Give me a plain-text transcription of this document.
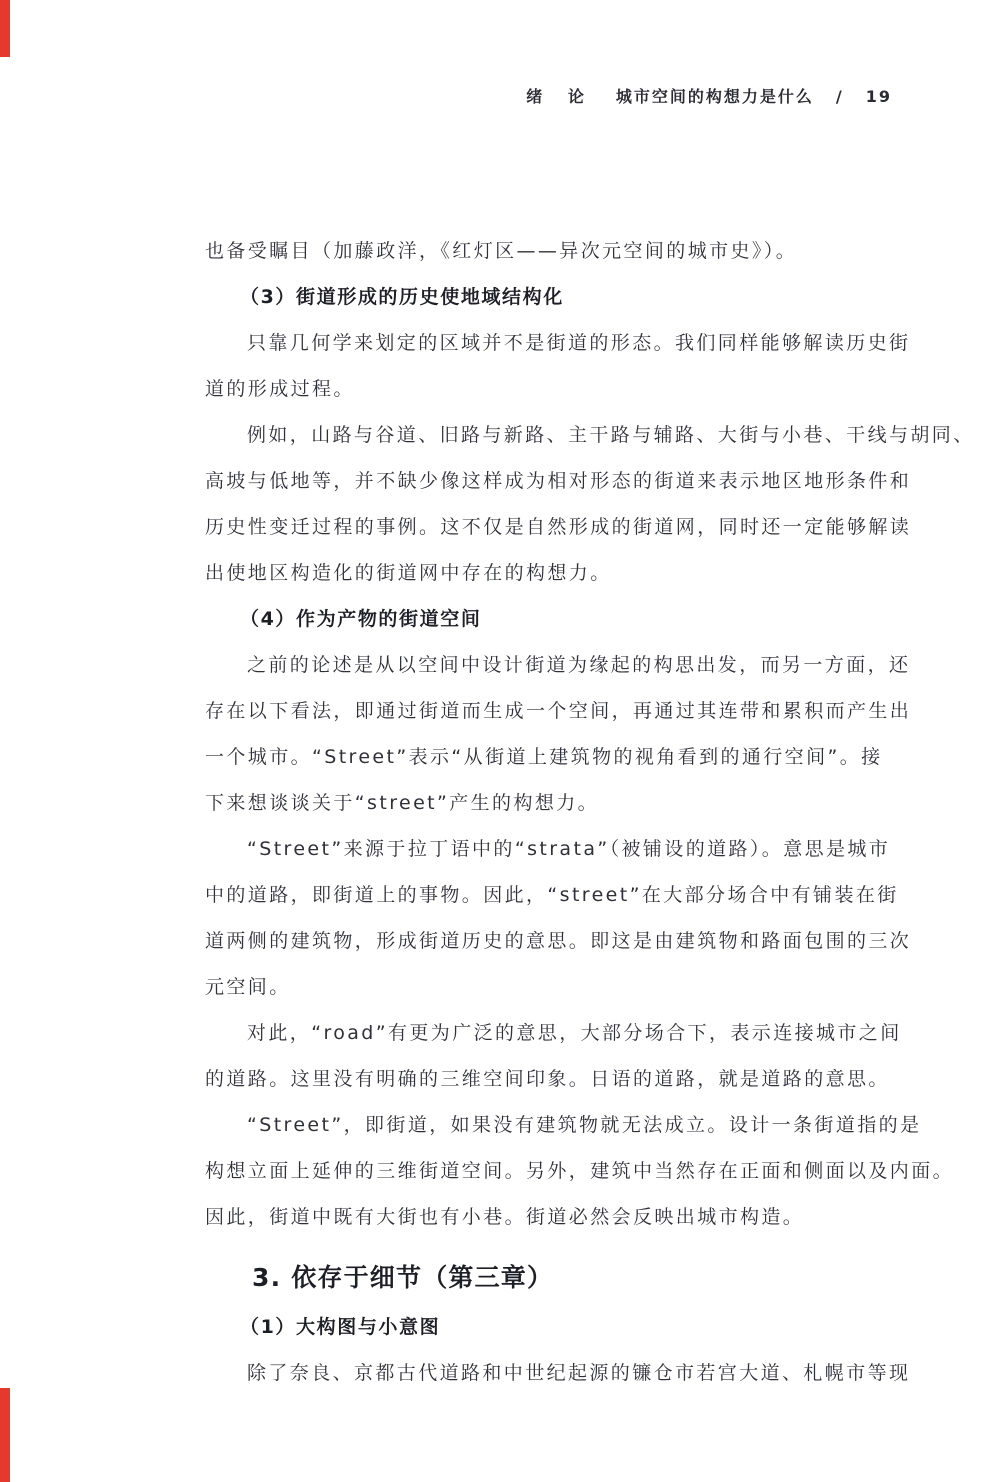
绪 论 城市空间的构想力是什么 / 19
也备受瞩目（加藤政洋，《红灯区——异次元空间的城市史》）。
（3）街道形成的历史使地域结构化
只靠几何学来划定的区域并不是街道的形态。我们同样能够解读历史街
道的形成过程。
例如，山路与谷道、旧路与新路、主干路与辅路、大街与小巷、干线与胡同、
高坡与低地等，并不缺少像这样成为相对形态的街道来表示地区地形条件和
历史性变迁过程的事例。这不仅是自然形成的街道网，同时还一定能够解读
出使地区构造化的街道网中存在的构想力。
（4）作为产物的街道空间
之前的论述是从以空间中设计街道为缘起的构思出发，而另一方面，还
存在以下看法，即通过街道而生成一个空间，再通过其连带和累积而产生出
一个城市。“Street”表示“从街道上建筑物的视角看到的通行空间”。接
下来想谈谈关于“street”产生的构想力。
“Street”来源于拉丁语中的“strata”（被铺设的道路）。意思是城市
中的道路，即街道上的事物。因此，“street”在大部分场合中有铺装在街
道两侧的建筑物，形成街道历史的意思。即这是由建筑物和路面包围的三次
元空间。
对此，“road”有更为广泛的意思，大部分场合下，表示连接城市之间
的道路。这里没有明确的三维空间印象。日语的道路，就是道路的意思。
“Street”，即街道，如果没有建筑物就无法成立。设计一条街道指的是
构想立面上延伸的三维街道空间。另外，建筑中当然存在正面和侧面以及内面。
因此，街道中既有大街也有小巷。街道必然会反映出城市构造。
3. 依存于细节（第三章）
（1）大构图与小意图
除了奈良、京都古代道路和中世纪起源的镰仓市若宫大道、札幌市等现
